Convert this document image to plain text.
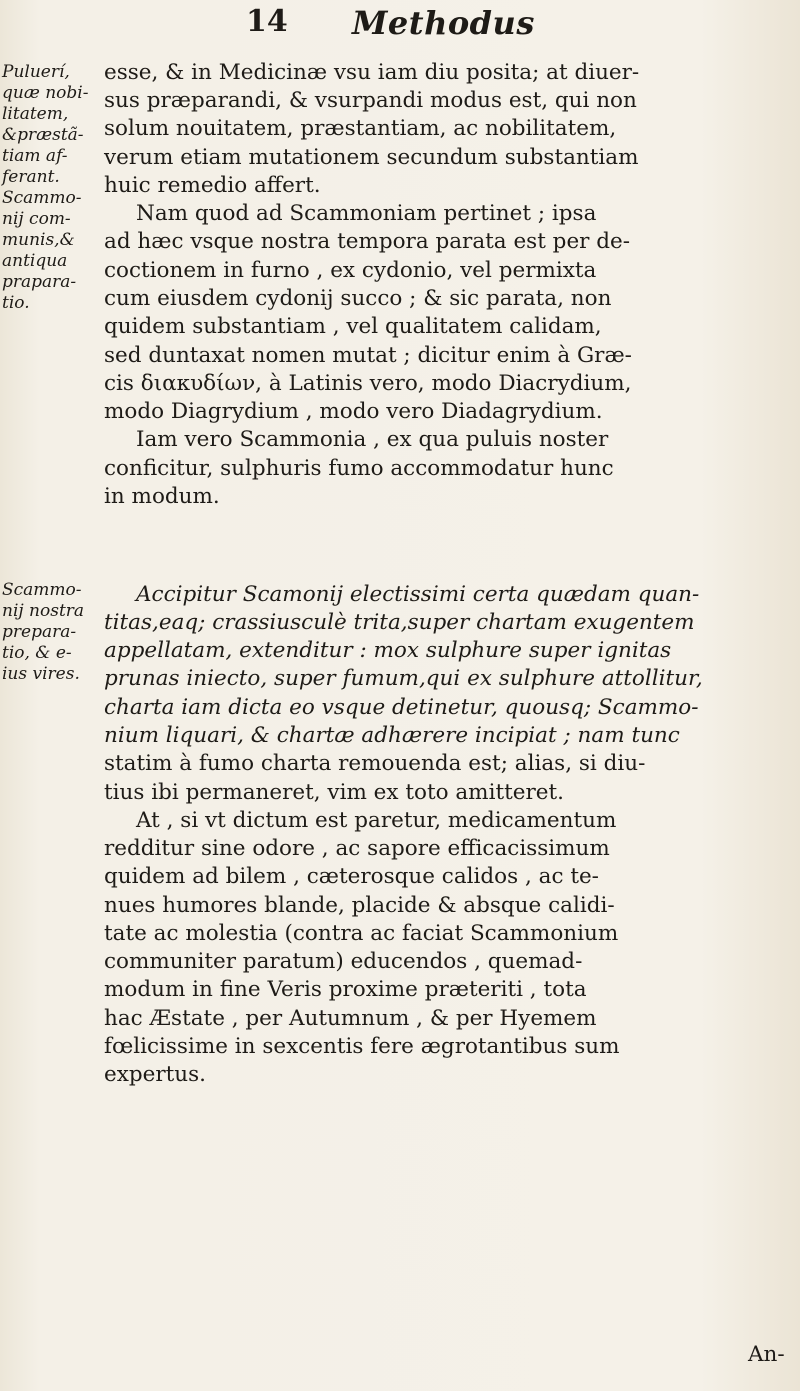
14 Methodus
Puluerí,
quæ nobi-
litatem,
&præstã-
tiam af-
ferant.
Scammo-
nij com-
munis,&
antiqua
prapara-
tio.
Scammo-
nij nostra
prepara-
tio, & e-
ius vires.
esse, & in Medicinæ vsu iam diu posita; at diuer-
sus præparandi, & vsurpandi modus est, qui non
solum nouitatem, præstantiam, ac nobilitatem,
verum etiam mutationem secundum substantiam
huic remedio affert.
Nam quod ad Scammoniam pertinet ; ipsa
ad hæc vsque nostra tempora parata est per de-
coctionem in furno , ex cydonio, vel permixta
cum eiusdem cydonij succo ; & sic parata, non
quidem substantiam , vel qualitatem calidam,
sed duntaxat nomen mutat ; dicitur enim à Græ-
cis διακυδίων, à Latinis vero, modo Diacrydium,
modo Diagrydium , modo vero Diadagrydium.
Iam vero Scammonia , ex qua puluis noster
conficitur, sulphuris fumo accommodatur hunc
in modum.
Accipitur Scamonij electissimi certa quædam quan-
titas,eaq; crassiusculè trita,super chartam exugentem
appellatam, extenditur : mox sulphure super ignitas
prunas iniecto, super fumum,qui ex sulphure attollitur,
charta iam dicta eo vsque detinetur, quousq; Scammo-
nium liquari, & chartæ adhærere incipiat ; nam tunc
statim à fumo charta remouenda est; alias, si diu-
tius ibi permaneret, vim ex toto amitteret.
At , si vt dictum est paretur, medicamentum
redditur sine odore , ac sapore efficacissimum
quidem ad bilem , cæterosque calidos , ac te-
nues humores blande, placide & absque calidi-
tate ac molestia (contra ac faciat Scammonium
communiter paratum) educendos , quemad-
modum in fine Veris proxime præteriti , tota
hac Æstate , per Autumnum , & per Hyemem
fœlicissime in sexcentis fere ægrotantibus sum
expertus.
An-
